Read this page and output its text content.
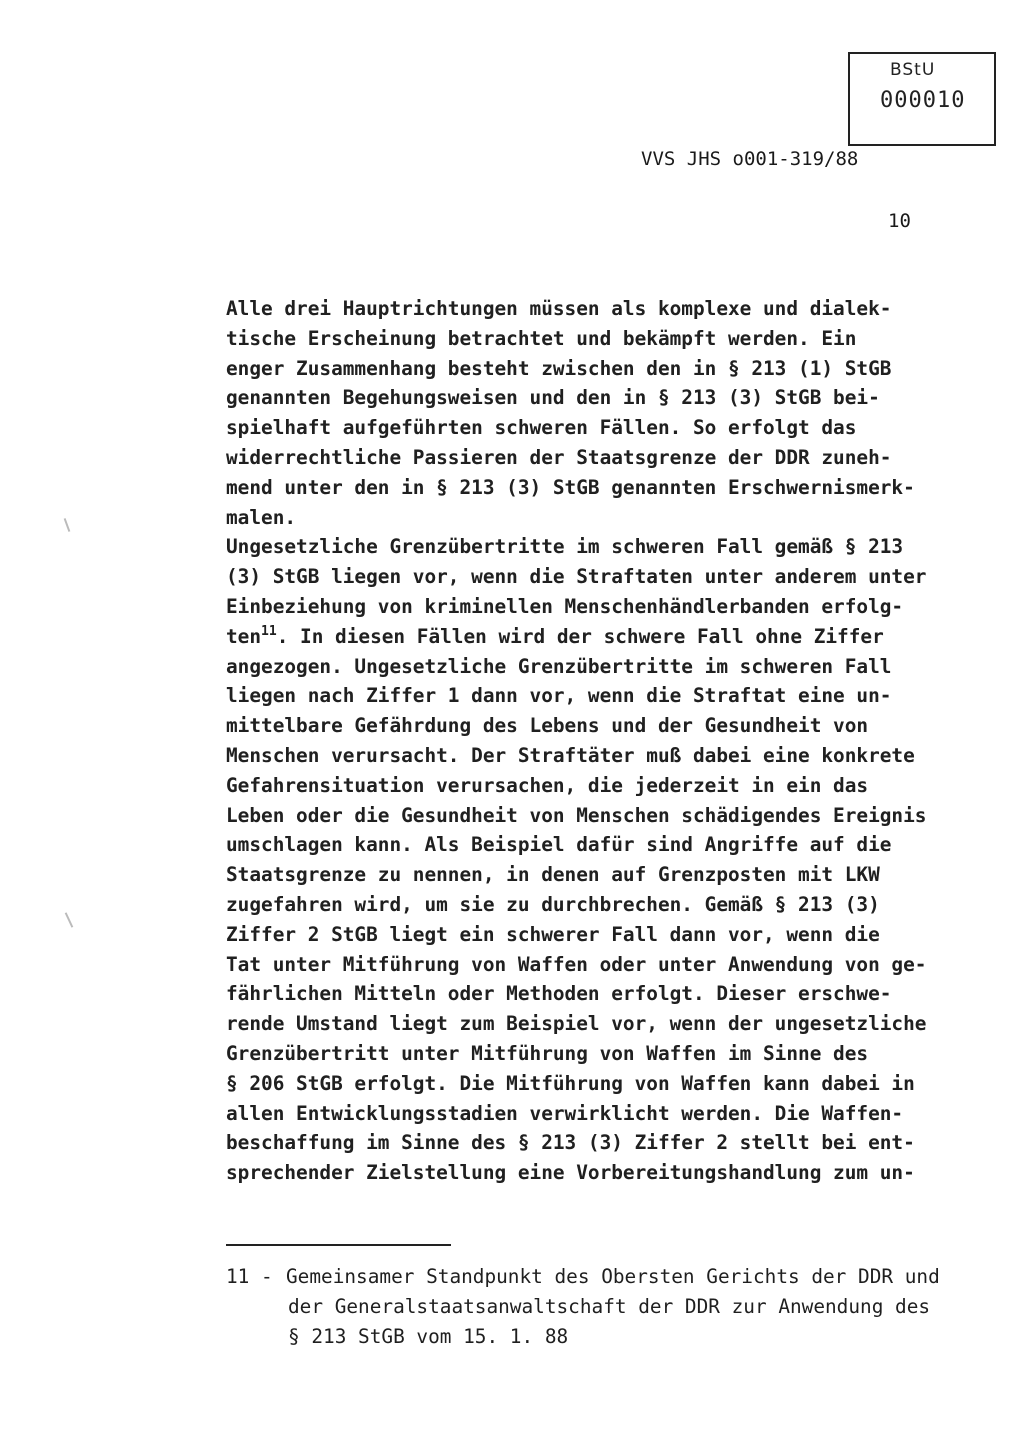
BStU
000010
VVS JHS o001-319/88
10
Alle drei Hauptrichtungen müssen als komplexe und dialek-
tische Erscheinung betrachtet und bekämpft werden. Ein
enger Zusammenhang besteht zwischen den in § 213 (1) StGB
genannten Begehungsweisen und den in § 213 (3) StGB bei-
spielhaft aufgeführten schweren Fällen. So erfolgt das
widerrechtliche Passieren der Staatsgrenze der DDR zuneh-
mend unter den in § 213 (3) StGB genannten Erschwernismerk-
malen.
Ungesetzliche Grenzübertritte im schweren Fall gemäß § 213
(3) StGB liegen vor, wenn die Straftaten unter anderem unter
Einbeziehung von kriminellen Menschenhändlerbanden erfolg-
ten$^{11}$. In diesen Fällen wird der schwere Fall ohne Ziffer
angezogen. Ungesetzliche Grenzübertritte im schweren Fall
liegen nach Ziffer 1 dann vor, wenn die Straftat eine un-
mittelbare Gefährdung des Lebens und der Gesundheit von
Menschen verursacht. Der Straftäter muß dabei eine konkrete
Gefahrensituation verursachen, die jederzeit in ein das
Leben oder die Gesundheit von Menschen schädigendes Ereignis
umschlagen kann. Als Beispiel dafür sind Angriffe auf die
Staatsgrenze zu nennen, in denen auf Grenzposten mit LKW
zugefahren wird, um sie zu durchbrechen. Gemäß § 213 (3)
Ziffer 2 StGB liegt ein schwerer Fall dann vor, wenn die
Tat unter Mitführung von Waffen oder unter Anwendung von ge-
fährlichen Mitteln oder Methoden erfolgt. Dieser erschwe-
rende Umstand liegt zum Beispiel vor, wenn der ungesetzliche
Grenzübertritt unter Mitführung von Waffen im Sinne des
§ 206 StGB erfolgt. Die Mitführung von Waffen kann dabei in
allen Entwicklungsstadien verwirklicht werden. Die Waffen-
beschaffung im Sinne des § 213 (3) Ziffer 2 stellt bei ent-
sprechender Zielstellung eine Vorbereitungshandlung zum un-
11 - Gemeinsamer Standpunkt des Obersten Gerichts der DDR und
der Generalstaatsanwaltschaft der DDR zur Anwendung des
§ 213 StGB vom 15. 1. 88
